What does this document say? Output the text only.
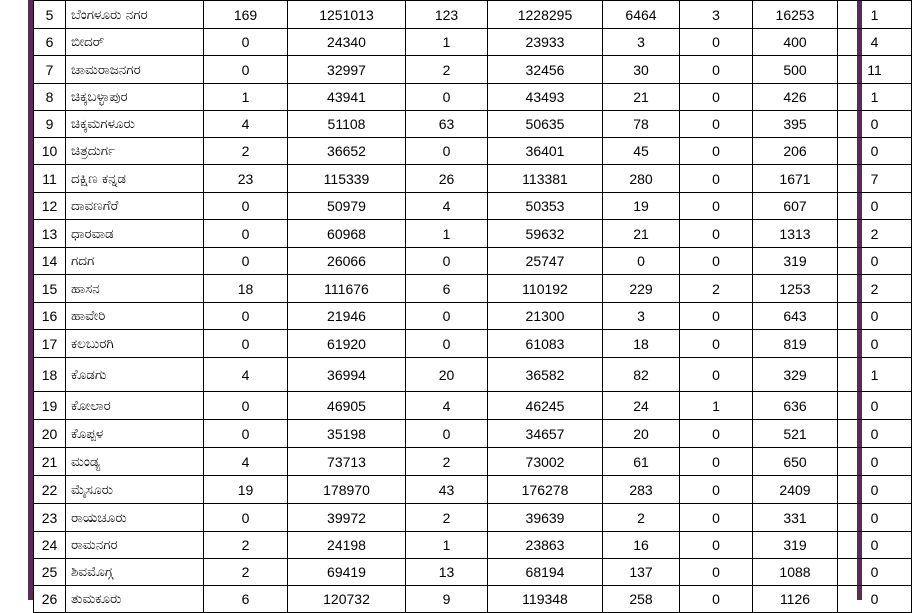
5	ಬೆಂಗಳೂರು ನಗರ	169	1251013	123	1228295	6464	3	16253	1
6	ಬೀದರ್	0	24340	1	23933	3	0	400	4
7	ಚಾಮರಾಜನಗರ	0	32997	2	32456	30	0	500	11
8	ಚಿಕ್ಕಬಳ್ಳಾಪುರ	1	43941	0	43493	21	0	426	1
9	ಚಿಕ್ಕಮಗಳೂರು	4	51108	63	50635	78	0	395	0
10	ಚಿತ್ರದುರ್ಗ	2	36652	0	36401	45	0	206	0
11	ದಕ್ಷಿಣ ಕನ್ನಡ	23	115339	26	113381	280	0	1671	7
12	ದಾವಣಗೆರೆ	0	50979	4	50353	19	0	607	0
13	ಧಾರವಾಡ	0	60968	1	59632	21	0	1313	2
14	ಗದಗ	0	26066	0	25747	0	0	319	0
15	ಹಾಸನ	18	111676	6	110192	229	2	1253	2
16	ಹಾವೇರಿ	0	21946	0	21300	3	0	643	0
17	ಕಲಬುರಗಿ	0	61920	0	61083	18	0	819	0
18	ಕೊಡಗು	4	36994	20	36582	82	0	329	1
19	ಕೋಲಾರ	0	46905	4	46245	24	1	636	0
20	ಕೊಪ್ಪಳ	0	35198	0	34657	20	0	521	0
21	ಮಂಡ್ಯ	4	73713	2	73002	61	0	650	0
22	ಮೈಸೂರು	19	178970	43	176278	283	0	2409	0
23	ರಾಯಚೂರು	0	39972	2	39639	2	0	331	0
24	ರಾಮನಗರ	2	24198	1	23863	16	0	319	0
25	ಶಿವಮೊಗ್ಗ	2	69419	13	68194	137	0	1088	0
26	ತುಮಕೂರು	6	120732	9	119348	258	0	1126	0
